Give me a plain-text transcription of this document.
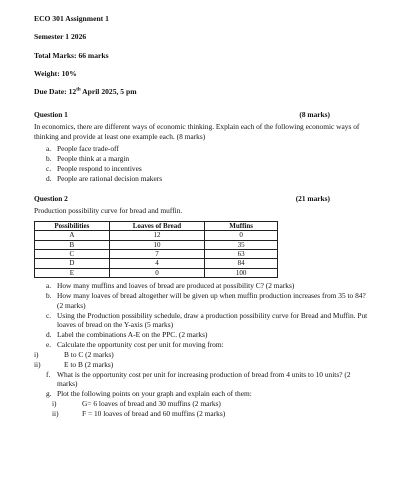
ECO 301 Assignment 1
Semester 1 2026
Total Marks: 66 marks
Weight: 10%
Due Date: 12th April 2025, 5 pm
Question 1	(8 marks)
In economics, there are different ways of economic thinking. Explain each of the following economic ways of thinking and provide at least one example each. (8 marks)
a. People face trade-off
b. People think at a margin
c. People respond to incentives
d. People are rational decision makers
Question 2	(21 marks)
Production possibility curve for bread and muffin.
Possibilities	Loaves of Bread	Muffins
A	12	0
B	10	35
C	7	63
D	4	84
E	0	100
a. How many muffins and loaves of bread are produced at possibility C? (2 marks)
b. How many loaves of bread altogether will be given up when muffin production increases from 35 to 84? (2 marks)
c. Using the Production possibility schedule, draw a production possibility curve for Bread and Muffin. Put loaves of bread on the Y-axis (5 marks)
d. Label the combinations A-E on the PPC. (2 marks)
e. Calculate the opportunity cost per unit for moving from:
i)	B to C (2 marks)
ii)	E to B (2 marks)
f. What is the opportunity cost per unit for increasing production of bread from 4 units to 10 units? (2 marks)
g. Plot the following points on your graph and explain each of them:
i)	G= 6 loaves of bread and 30 muffins (2 marks)
ii)	F = 10 loaves of bread and 60 muffins (2 marks)
